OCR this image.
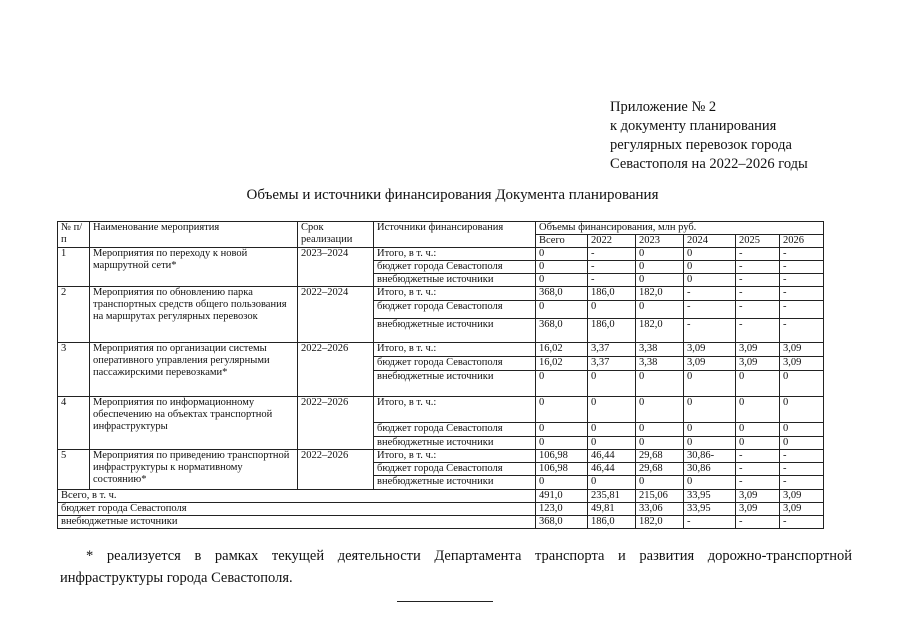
Приложение № 2
к документу планирования
регулярных перевозок города
Севастополя на 2022–2026 годы
Объемы и источники финансирования Документа планирования
№ п/п	Наименование мероприятия	Срок реализации	Источники финансирования	Объемы финансирования, млн руб.					
				Всего	2022	2023	2024	2025	2026
1	Мероприятия по переходу к новой маршрутной сети*	2023–2024	Итого, в т. ч.:	0	-	0	0	-	-
			бюджет города Севастополя	0	-	0	0	-	-
			внебюджетные источники	0	-	0	0	-	-
2	Мероприятия по обновлению парка транспортных средств общего пользования на маршрутах регулярных перевозок	2022–2024	Итого, в т. ч.:	368,0	186,0	182,0	-	-	-
			бюджет города Севастополя	0	0	0	-	-	-
			внебюджетные источники	368,0	186,0	182,0	-	-	-
3	Мероприятия по организации системы оперативного управления регулярными пассажирскими перевозками*	2022–2026	Итого, в т. ч.:	16,02	3,37	3,38	3,09	3,09	3,09
			бюджет города Севастополя	16,02	3,37	3,38	3,09	3,09	3,09
			внебюджетные источники	0	0	0	0	0	0
4	Мероприятия по информационному обеспечению на объектах транспортной инфраструктуры	2022–2026	Итого, в т. ч.:	0	0	0	0	0	0
			бюджет города Севастополя	0	0	0	0	0	0
			внебюджетные источники	0	0	0	0	0	0
5	Мероприятия по приведению транспортной инфраструктуры к нормативному состоянию*	2022–2026	Итого, в т. ч.:	106,98	46,44	29,68	30,86-	-	-
			бюджет города Севастополя	106,98	46,44	29,68	30,86	-	-
			внебюджетные источники	0	0	0	0	-	-
Всего, в т. ч.				491,0	235,81	215,06	33,95	3,09	3,09
бюджет города Севастополя				123,0	49,81	33,06	33,95	3,09	3,09
внебюджетные источники				368,0	186,0	182,0	-	-	-
* реализуется в рамках текущей деятельности Департамента транспорта и развития дорожно-транспортной инфраструктуры города Севастополя.
